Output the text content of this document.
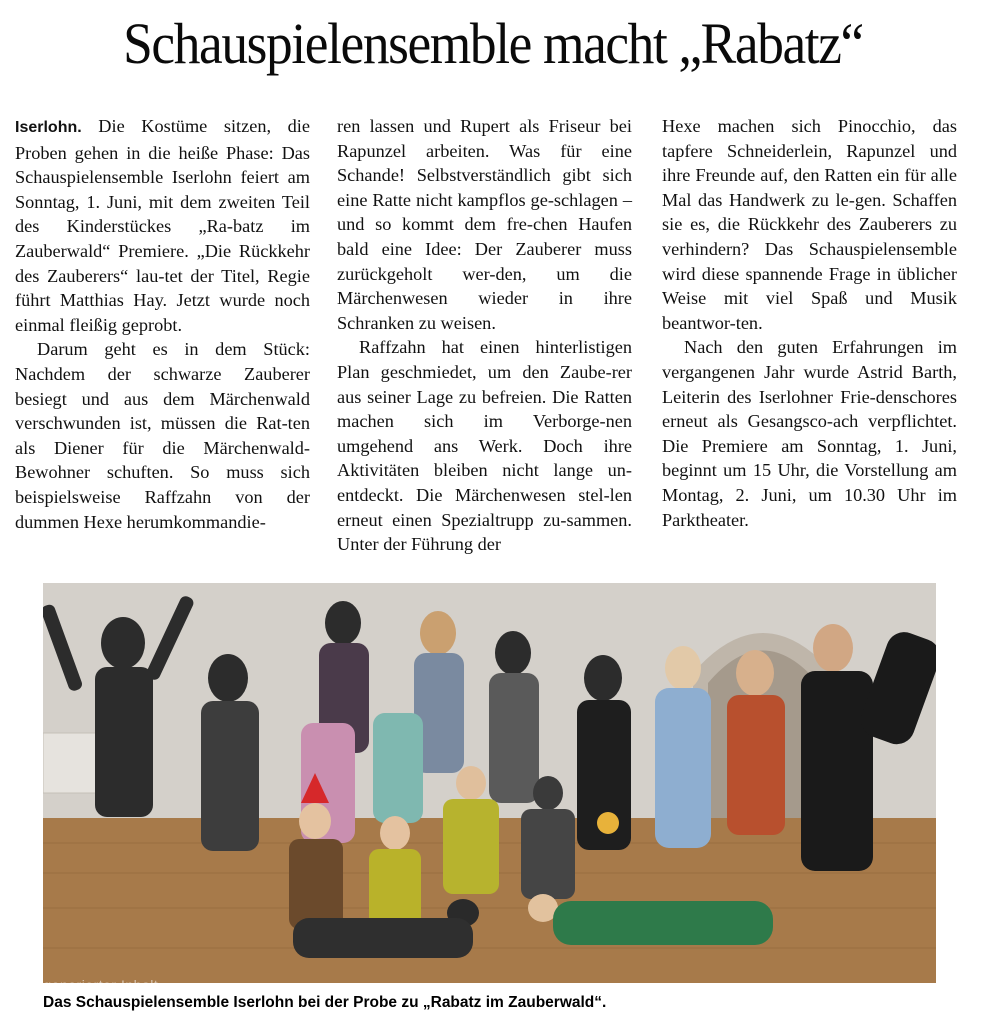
Schauspielensemble macht „Rabatz“

Iserlohn. Die Kostüme sitzen, die Proben gehen in die heiße Phase: Das Schauspielensemble Iserlohn feiert am Sonntag, 1. Juni, mit dem zweiten Teil des Kinderstückes „Ra-batz im Zauberwald“ Premiere. „Die Rückkehr des Zauberers“ lau-tet der Titel, Regie führt Matthias Hay. Jetzt wurde noch einmal fleißig geprobt.

Darum geht es in dem Stück: Nachdem der schwarze Zauberer besiegt und aus dem Märchenwald verschwunden ist, müssen die Rat-ten als Diener für die Märchenwald-Bewohner schuften. So muss sich beispielsweise Raffzahn von der dummen Hexe herumkommandie-

ren lassen und Rupert als Friseur bei Rapunzel arbeiten. Was für eine Schande! Selbstverständlich gibt sich eine Ratte nicht kampflos ge-schlagen – und so kommt dem fre-chen Haufen bald eine Idee: Der Zauberer muss zurückgeholt wer-den, um die Märchenwesen wieder in ihre Schranken zu weisen.

Raffzahn hat einen hinterlistigen Plan geschmiedet, um den Zaube-rer aus seiner Lage zu befreien. Die Ratten machen sich im Verborge-nen umgehend ans Werk. Doch ihre Aktivitäten bleiben nicht lange un-entdeckt. Die Märchenwesen stel-len erneut einen Spezialtrupp zu-sammen. Unter der Führung der

Hexe machen sich Pinocchio, das tapfere Schneiderlein, Rapunzel und ihre Freunde auf, den Ratten ein für alle Mal das Handwerk zu le-gen. Schaffen sie es, die Rückkehr des Zauberers zu verhindern? Das Schauspielensemble wird diese spannende Frage in üblicher Weise mit viel Spaß und Musik beantwor-ten.

Nach den guten Erfahrungen im vergangenen Jahr wurde Astrid Barth, Leiterin des Iserlohner Frie-denschores erneut als Gesangsco-ach verpflichtet. Die Premiere am Sonntag, 1. Juni, beginnt um 15 Uhr, die Vorstellung am Montag, 2. Juni, um 10.30 Uhr im Parktheater.

KI-generierter Inhalt
Das Schauspielensemble Iserlohn bei der Probe zu „Rabatz im Zauberwald“.
